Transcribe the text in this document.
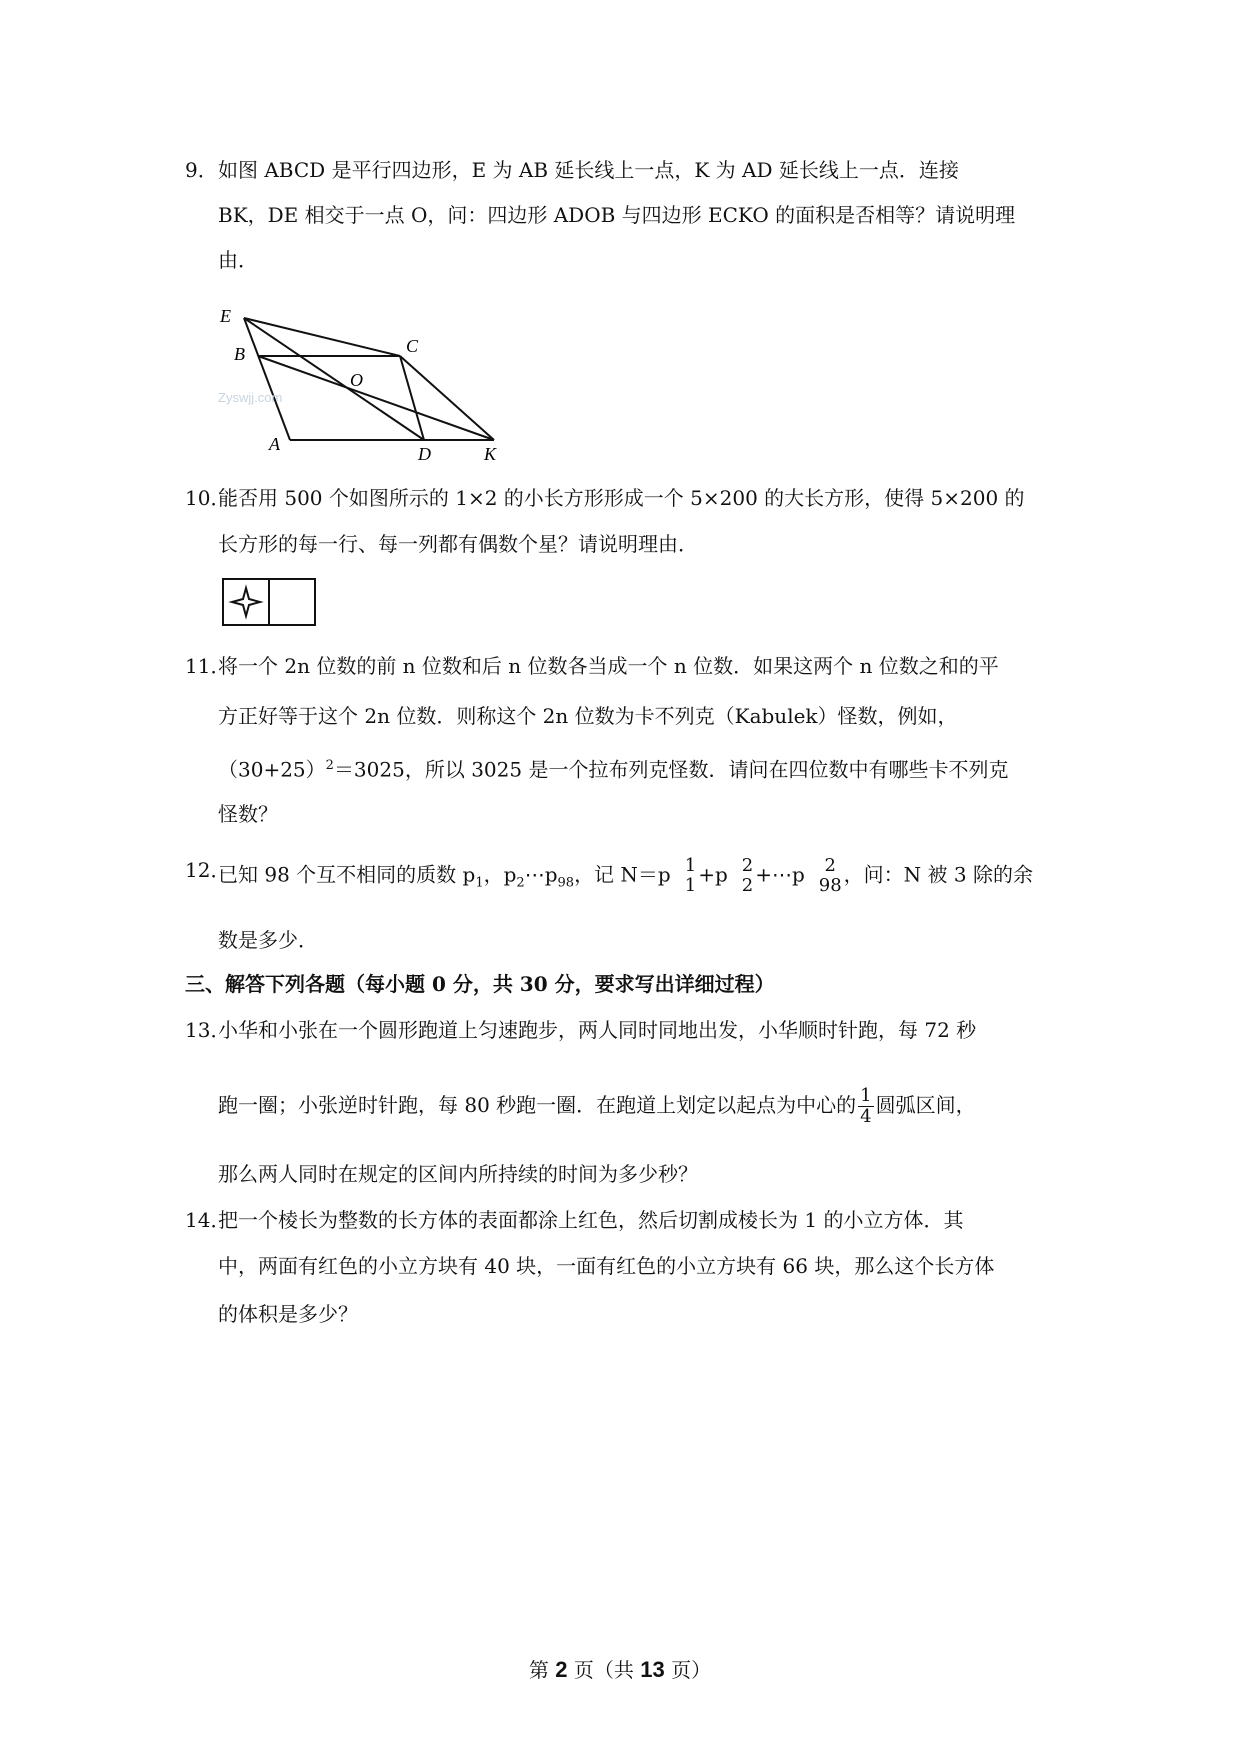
9． 如图 ABCD 是平行四边形，E 为 AB 延长线上一点，K 为 AD 延长线上一点．连接
BK，DE 相交于一点 O，问：四边形 ADOB 与四边形 ECKO 的面积是否相等？请说明理
由．
E
B	C
O
A	D	K
Zyswjj.com
10．
能否用 500 个如图所示的 1×2 的小长方形形成一个 5×200 的大长方形，使得 5×200 的
长方形的每一行、每一列都有偶数个星？请说明理由．
11．
将一个 2n 位数的前 n 位数和后 n 位数各当成一个 n 位数．如果这两个 n 位数之和的平
方正好等于这个 2n 位数．则称这个 2n 位数为卡不列克（Kabulek）怪数，例如，
$(30+25)^2=3025$，所以 3025 是一个拉布列克怪数．请问在四位数中有哪些卡不列克
怪数？
12．
已知 98 个互不相同的质数 $p_1$，$p_2\cdots p_{98}$，记 N＝p 1
1 +p 2
2 +⋯p	2
98 ，问：N 被 3 除的余
数是多少．
三、解答下列各题（每小题 0 分，共 30 分，要求写出详细过程）
13．
小华和小张在一个圆形跑道上匀速跑步，两人同时同地出发，小华顺时针跑，每 72 秒
跑一圈；小张逆时针跑，每 80 秒跑一圈．在跑道上划定以起点为中心的 $\frac{1}{4}$ 圆弧区间，
那么两人同时在规定的区间内所持续的时间为多少秒？
14．
把一个棱长为整数的长方体的表面都涂上红色，然后切割成棱长为 1 的小立方体．其
中，两面有红色的小立方块有 40 块，一面有红色的小立方块有 66 块，那么这个长方体
的体积是多少？
第 2 页（共 13 页）
